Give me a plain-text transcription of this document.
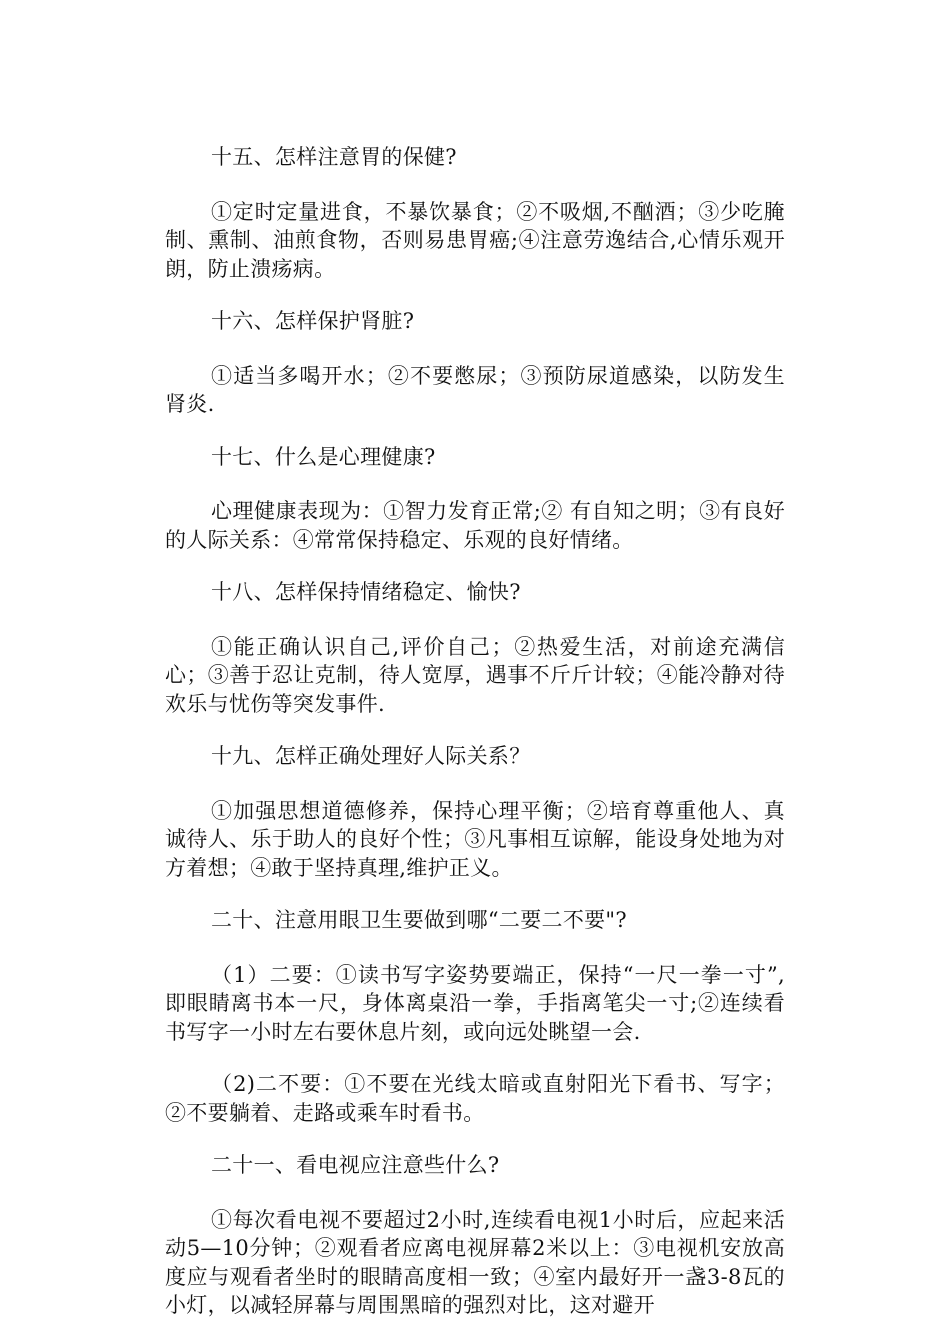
十五、怎样注意胃的保健?

①定时定量进食，不暴饮暴食；②不吸烟,不酗酒；③少吃腌制、熏制、油煎食物，否则易患胃癌;④注意劳逸结合,心情乐观开朗，防止溃疡病。

十六、怎样保护肾脏?

①适当多喝开水；②不要憋尿；③预防尿道感染，以防发生肾炎.

十七、什么是心理健康?

心理健康表现为：①智力发育正常;② 有自知之明；③有良好的人际关系：④常常保持稳定、乐观的良好情绪。

十八、怎样保持情绪稳定、愉快?

①能正确认识自己,评价自己；②热爱生活，对前途充满信心；③善于忍让克制，待人宽厚，遇事不斤斤计较；④能冷静对待欢乐与忧伤等突发事件.

十九、怎样正确处理好人际关系？

①加强思想道德修养，保持心理平衡；②培育尊重他人、真诚待人、乐于助人的良好个性；③凡事相互谅解，能设身处地为对方着想；④敢于坚持真理,维护正义。

二十、注意用眼卫生要做到哪“二要二不要"?

（1）二要：①读书写字姿势要端正，保持“一尺一拳一寸”,即眼睛离书本一尺，身体离桌沿一拳，手指离笔尖一寸;②连续看书写字一小时左右要休息片刻，或向远处眺望一会.

（2)二不要：①不要在光线太暗或直射阳光下看书、写字；②不要躺着、走路或乘车时看书。

二十一、看电视应注意些什么?

①每次看电视不要超过2小时,连续看电视1小时后，应起来活动5—10分钟；②观看者应离电视屏幕2米以上：③电视机安放高度应与观看者坐时的眼睛高度相一致；④室内最好开一盏3-8瓦的小灯，以减轻屏幕与周围黑暗的强烈对比，这对避开
